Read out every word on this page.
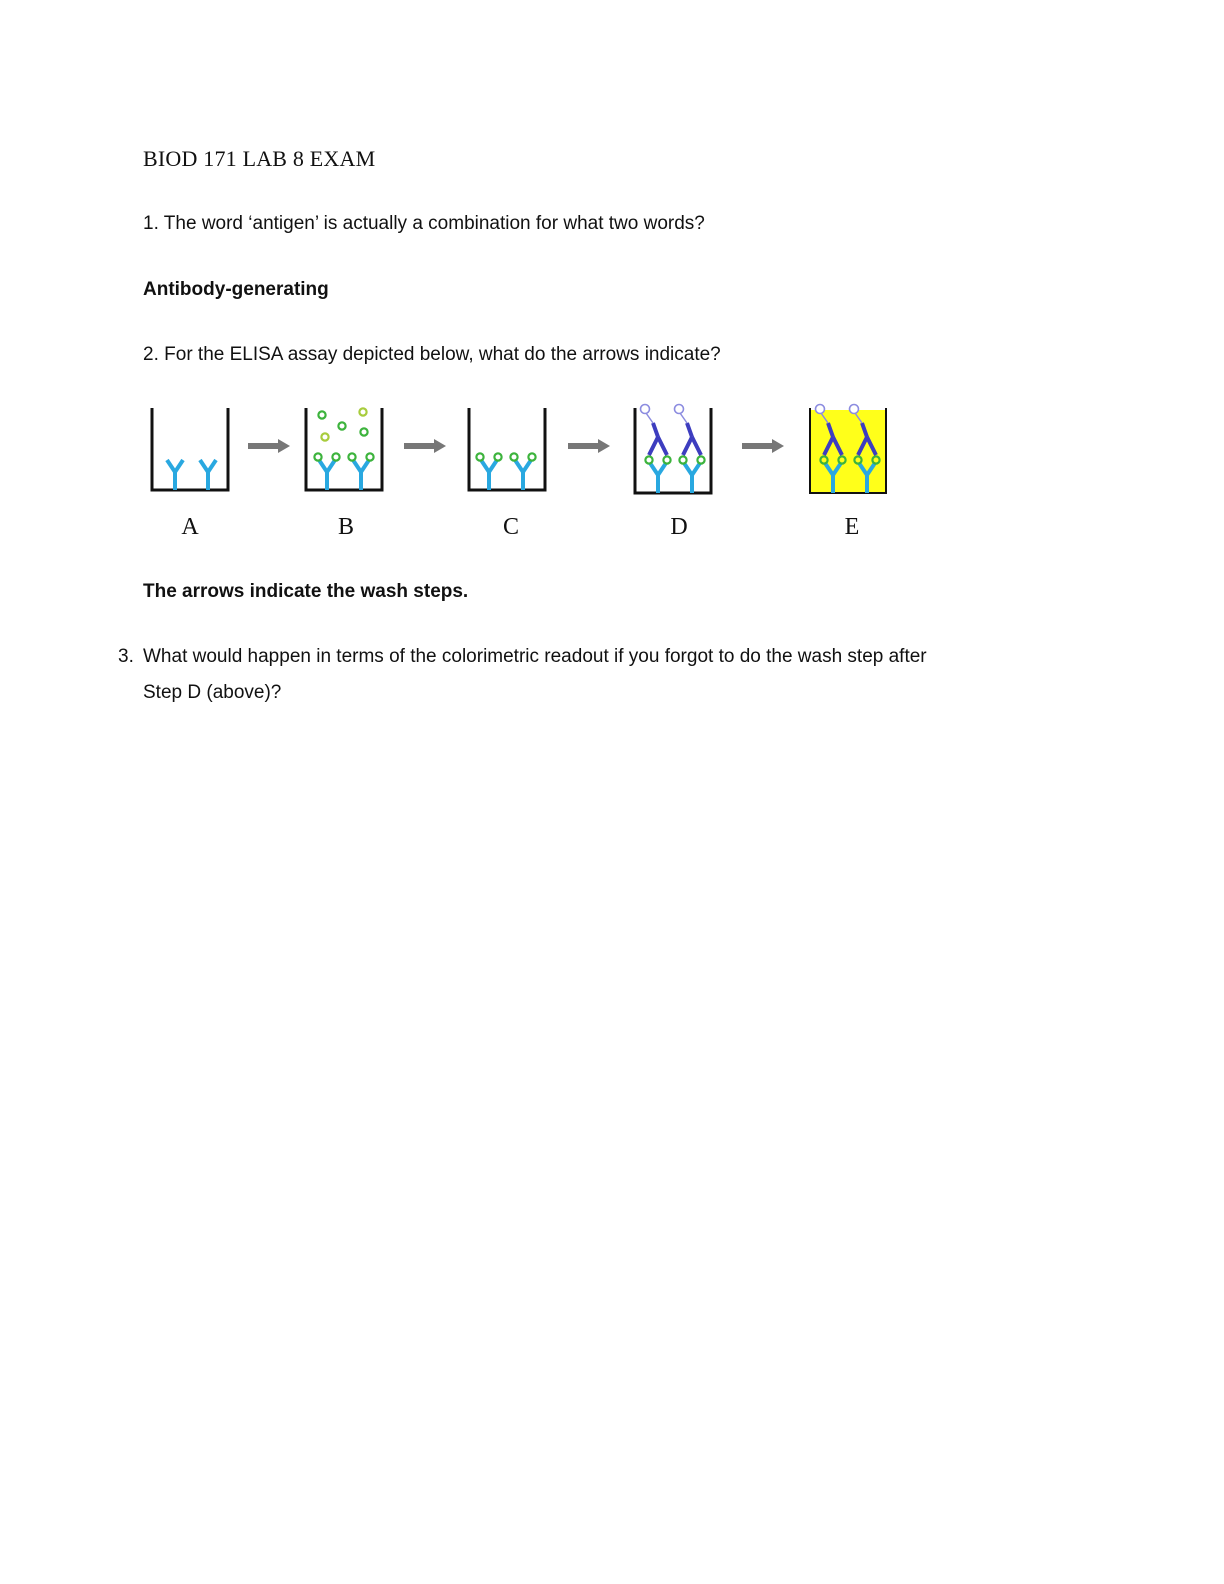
BIOD 171 LAB 8 EXAM
1. The word ‘antigen’ is actually a combination for what two words?
Antibody-generating
2. For the ELISA assay depicted below, what do the arrows indicate?
A	B	C	D	E
The arrows indicate the wash steps.
3. What would happen in terms of the colorimetric readout if you forgot to do the wash step after
Step D (above)?
